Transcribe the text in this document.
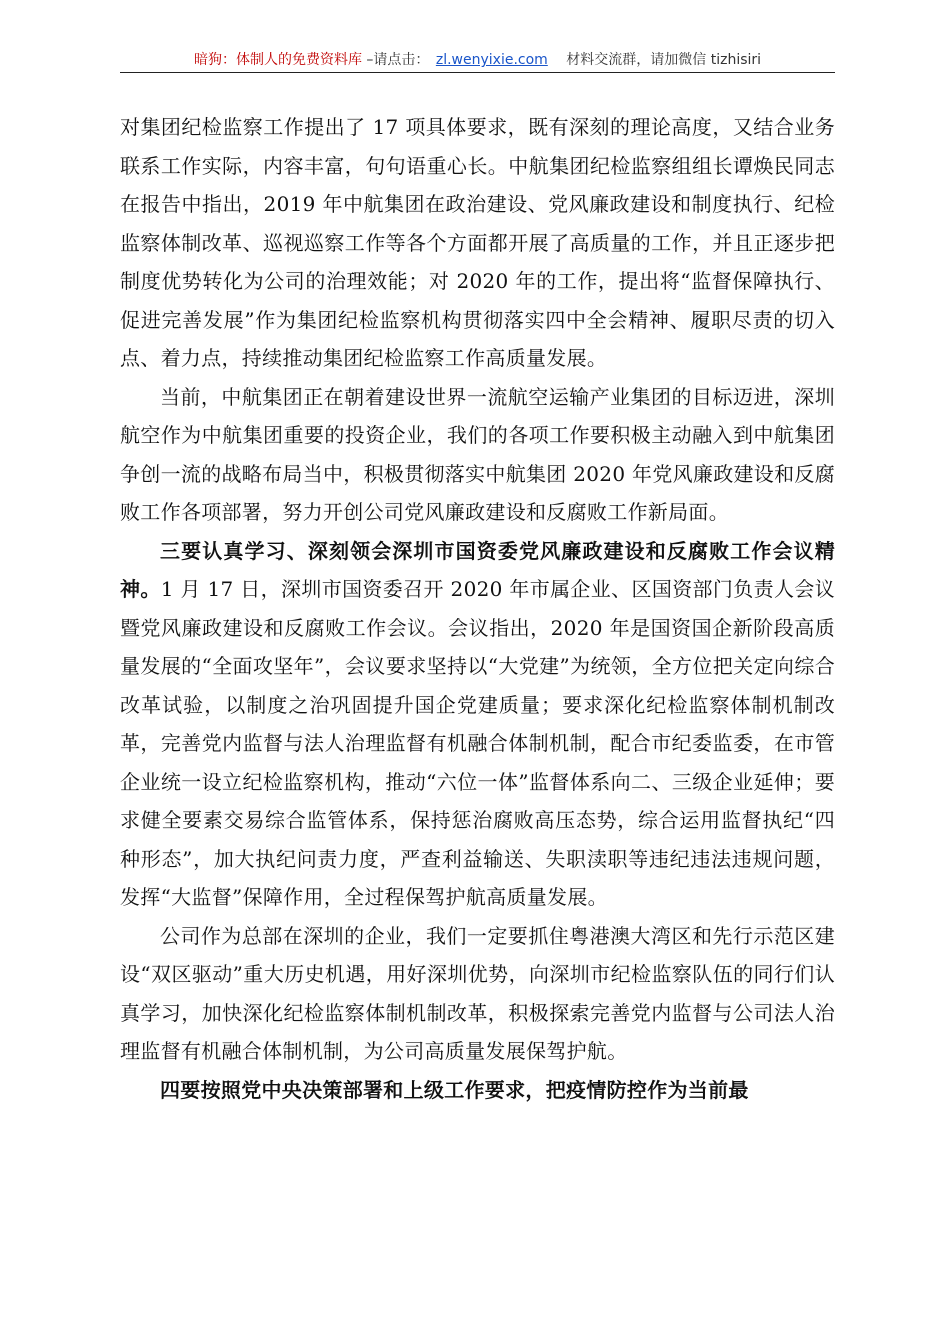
暗狗：体制人的免费资料库 –请点击： zl.wenyixie.com 材料交流群，请加微信 tizhisiri

对集团纪检监察工作提出了 17 项具体要求，既有深刻的理论高度，又结合业务联系工作实际，内容丰富，句句语重心长。中航集团纪检监察组组长谭焕民同志在报告中指出，2019 年中航集团在政治建设、党风廉政建设和制度执行、纪检监察体制改革、巡视巡察工作等各个方面都开展了高质量的工作，并且正逐步把制度优势转化为公司的治理效能；对 2020 年的工作，提出将“监督保障执行、促进完善发展”作为集团纪检监察机构贯彻落实四中全会精神、履职尽责的切入点、着力点，持续推动集团纪检监察工作高质量发展。

当前，中航集团正在朝着建设世界一流航空运输产业集团的目标迈进，深圳航空作为中航集团重要的投资企业，我们的各项工作要积极主动融入到中航集团争创一流的战略布局当中，积极贯彻落实中航集团 2020 年党风廉政建设和反腐败工作各项部署，努力开创公司党风廉政建设和反腐败工作新局面。

三要认真学习、深刻领会深圳市国资委党风廉政建设和反腐败工作会议精神。1 月 17 日，深圳市国资委召开 2020 年市属企业、区国资部门负责人会议暨党风廉政建设和反腐败工作会议。会议指出，2020 年是国资国企新阶段高质量发展的“全面攻坚年”，会议要求坚持以“大党建”为统领，全方位把关定向综合改革试验，以制度之治巩固提升国企党建质量；要求深化纪检监察体制机制改革，完善党内监督与法人治理监督有机融合体制机制，配合市纪委监委，在市管企业统一设立纪检监察机构，推动“六位一体”监督体系向二、三级企业延伸；要求健全要素交易综合监管体系，保持惩治腐败高压态势，综合运用监督执纪“四种形态”，加大执纪问责力度，严查利益输送、失职渎职等违纪违法违规问题，发挥“大监督”保障作用，全过程保驾护航高质量发展。

公司作为总部在深圳的企业，我们一定要抓住粤港澳大湾区和先行示范区建设“双区驱动”重大历史机遇，用好深圳优势，向深圳市纪检监察队伍的同行们认真学习，加快深化纪检监察体制机制改革，积极探索完善党内监督与公司法人治理监督有机融合体制机制，为公司高质量发展保驾护航。

四要按照党中央决策部署和上级工作要求，把疫情防控作为当前最
